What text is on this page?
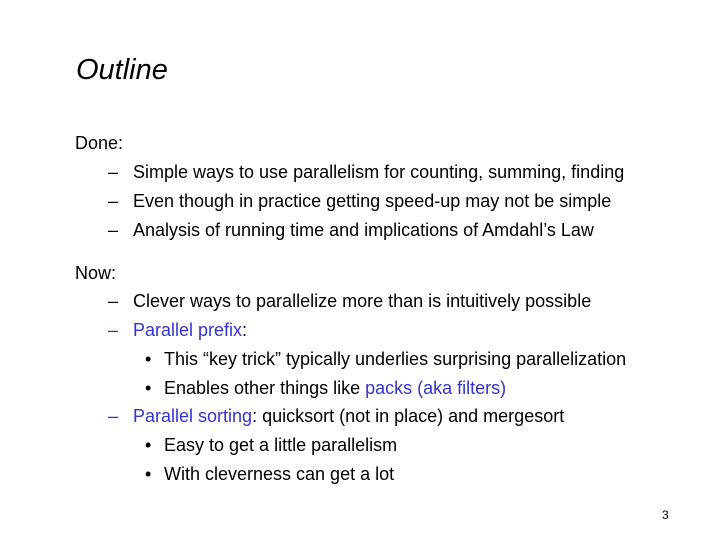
Outline
Done:
– Simple ways to use parallelism for counting, summing, finding
– Even though in practice getting speed-up may not be simple
– Analysis of running time and implications of Amdahl’s Law
Now:
– Clever ways to parallelize more than is intuitively possible
– Parallel prefix:
• This “key trick” typically underlies surprising parallelization
• Enables other things like packs (aka filters)
– Parallel sorting: quicksort (not in place) and mergesort
• Easy to get a little parallelism
• With cleverness can get a lot
3
